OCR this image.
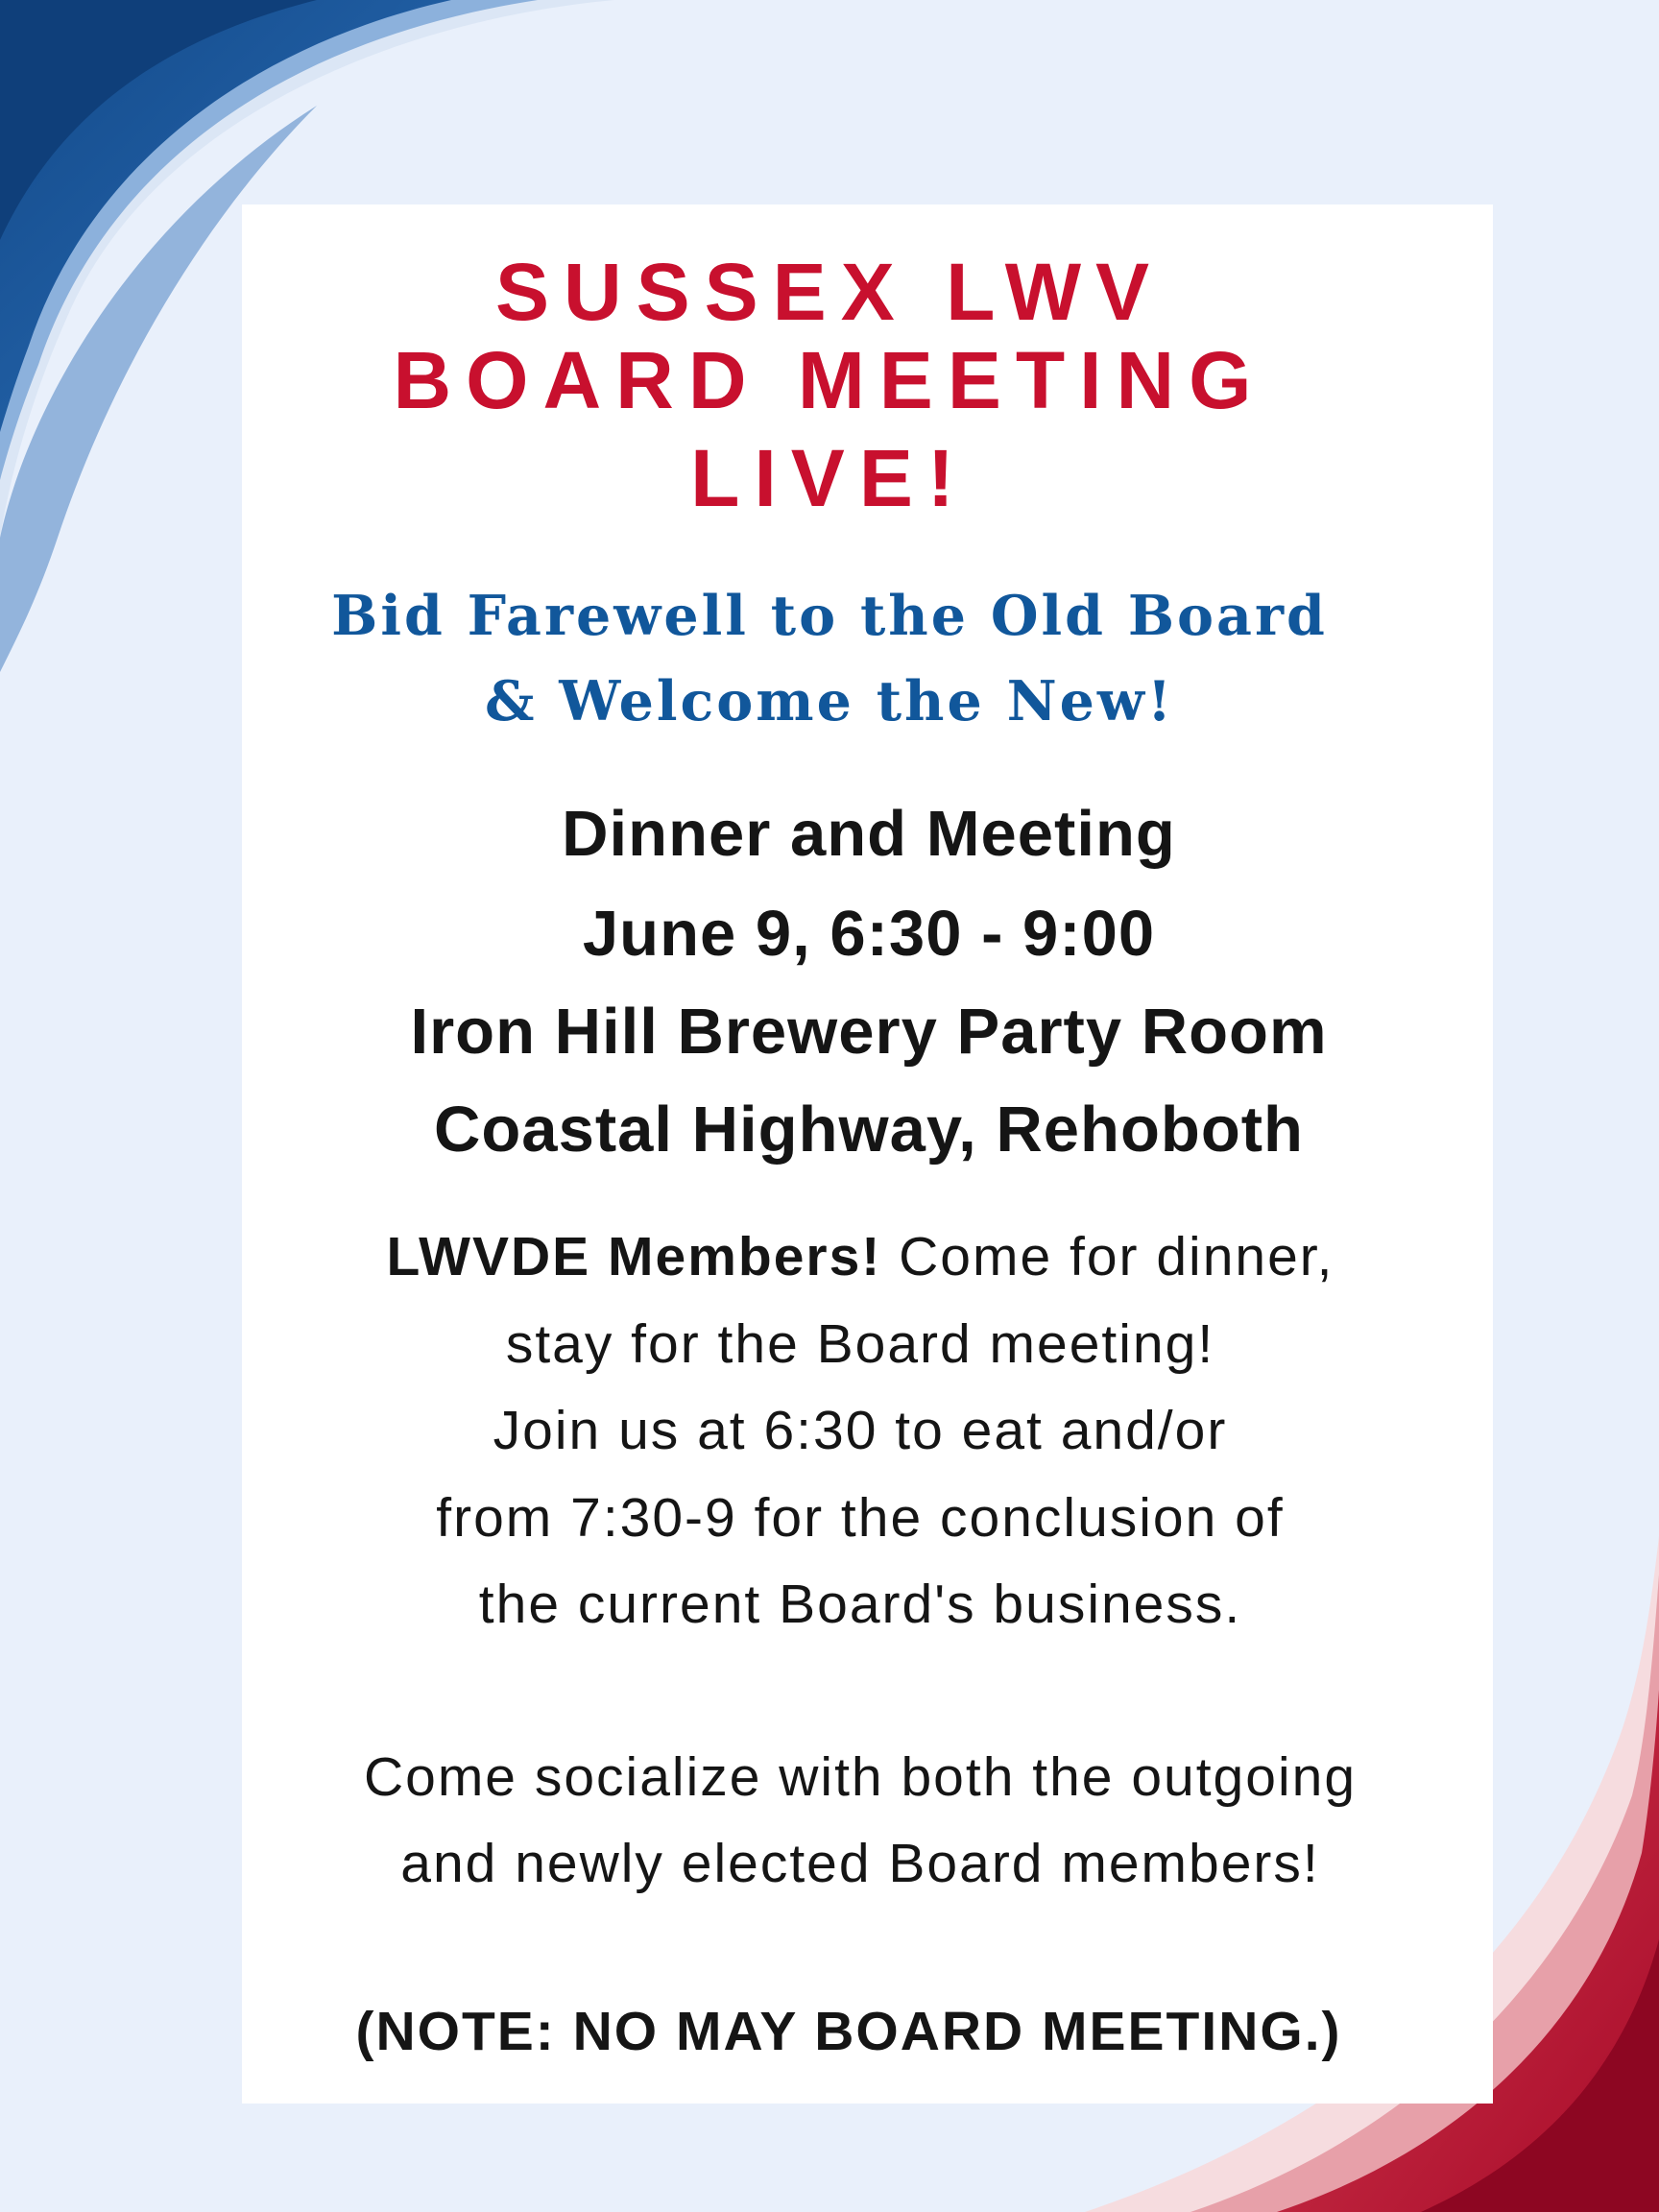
SUSSEX LWV
BOARD MEETING
LIVE!
Bid Farewell to the Old Board
& Welcome the New!
Dinner and Meeting
June 9, 6:30 - 9:00
Iron Hill Brewery Party Room
Coastal Highway, Rehoboth
LWVDE Members! Come for dinner,
stay for the Board meeting!
Join us at 6:30 to eat and/or
from 7:30-9 for the conclusion of
the current Board's business.
Come socialize with both the outgoing
and newly elected Board members!
(NOTE: NO MAY BOARD MEETING.)
